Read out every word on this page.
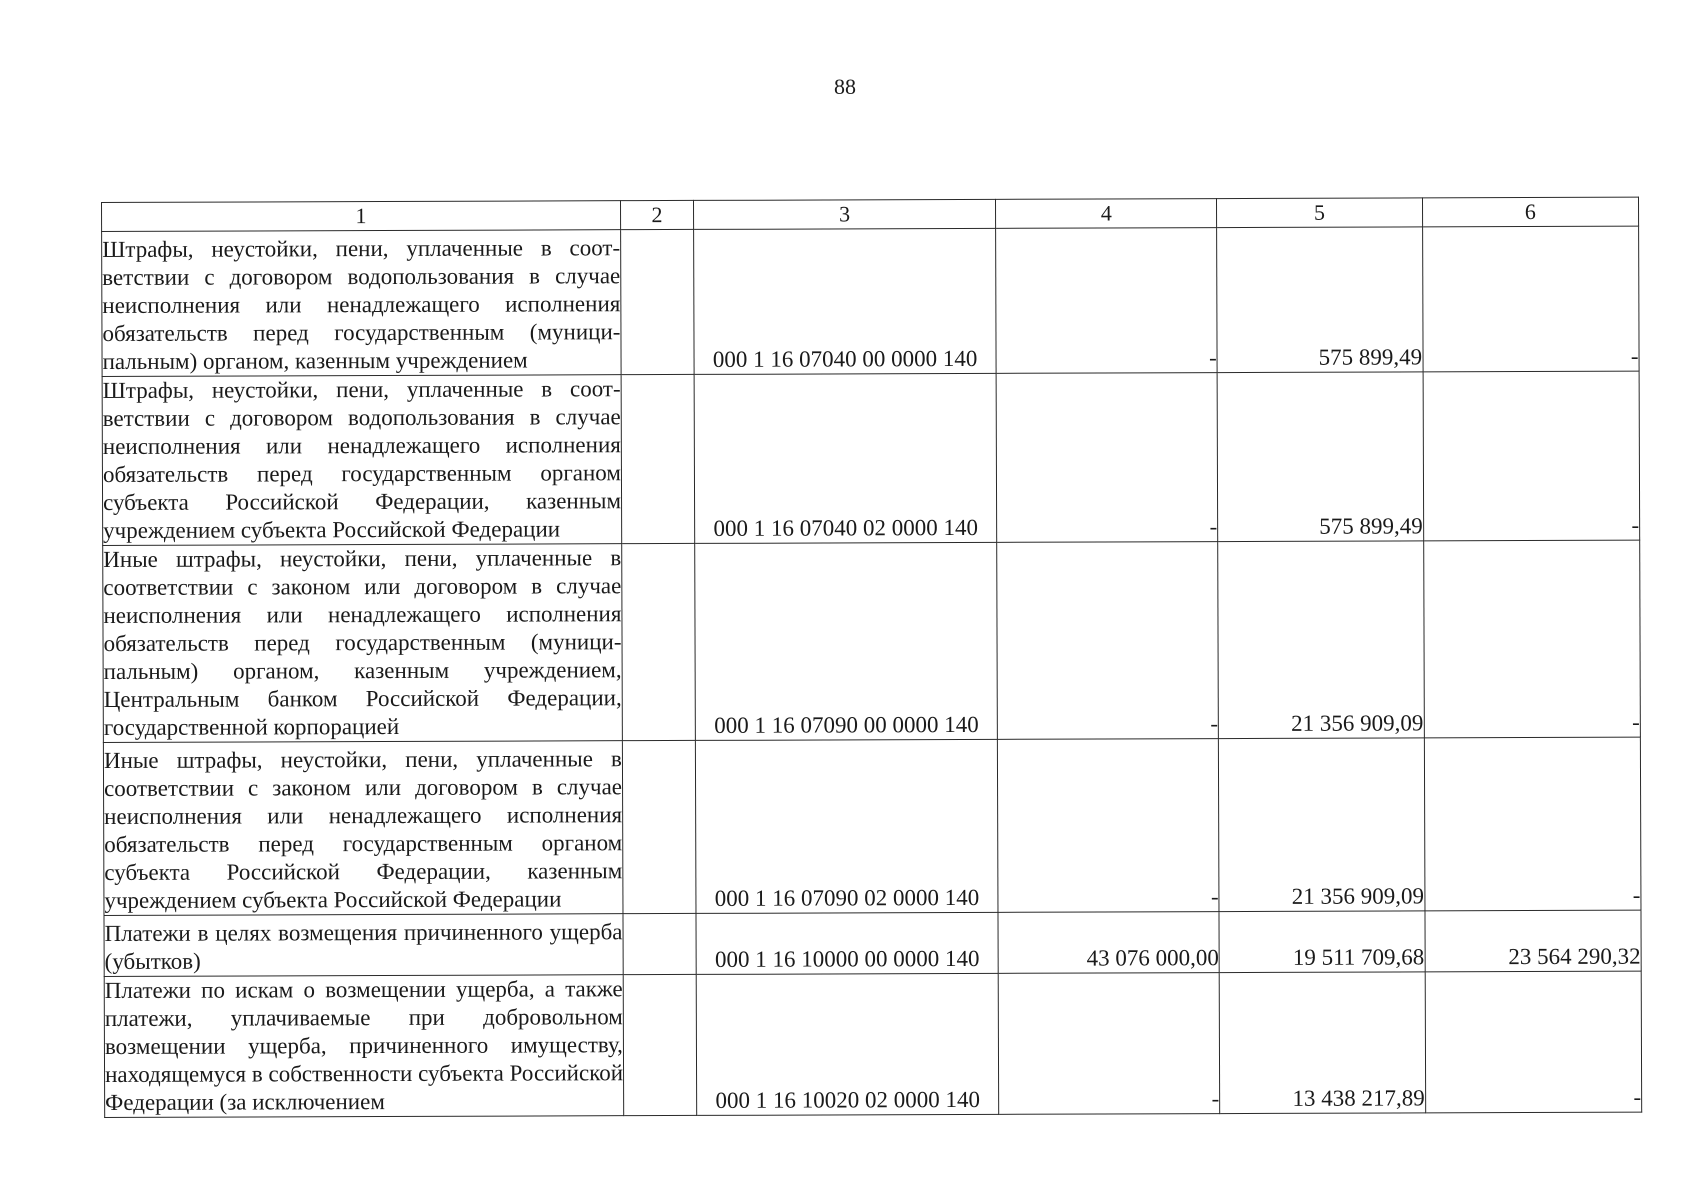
88
1	2	3	4	5	6
Штрафы, неустойки, пени, уплаченные в соответствии с договором водопользования в случае неисполнения или ненадлежащего исполнения обязательств перед государственным (муниципальным) органом, казенным учреждением		000 1 16 07040 00 0000 140	-	575 899,49	-
Штрафы, неустойки, пени, уплаченные в соответствии с договором водопользования в случае неисполнения или ненадлежащего исполнения обязательств перед государственным органом субъекта Российской Федерации, казенным учреждением субъекта Российской Федерации		000 1 16 07040 02 0000 140	-	575 899,49	-
Иные штрафы, неустойки, пени, уплаченные в соответствии с законом или договором в случае неисполнения или ненадлежащего исполнения обязательств перед государственным (муниципальным) органом, казенным учреждением, Центральным банком Российской Федерации, государственной корпорацией		000 1 16 07090 00 0000 140	-	21 356 909,09	-
Иные штрафы, неустойки, пени, уплаченные в соответствии с законом или договором в случае неисполнения или ненадлежащего исполнения обязательств перед государственным органом субъекта Российской Федерации, казенным учреждением субъекта Российской Федерации		000 1 16 07090 02 0000 140	-	21 356 909,09	-
Платежи в целях возмещения причиненного ущерба (убытков)		000 1 16 10000 00 0000 140	43 076 000,00	19 511 709,68	23 564 290,32
Платежи по искам о возмещении ущерба, а также платежи, уплачиваемые при добровольном возмещении ущерба, причиненного имуществу, находящемуся в собственности субъекта Российской Федерации (за исключением		000 1 16 10020 02 0000 140	-	13 438 217,89	-
